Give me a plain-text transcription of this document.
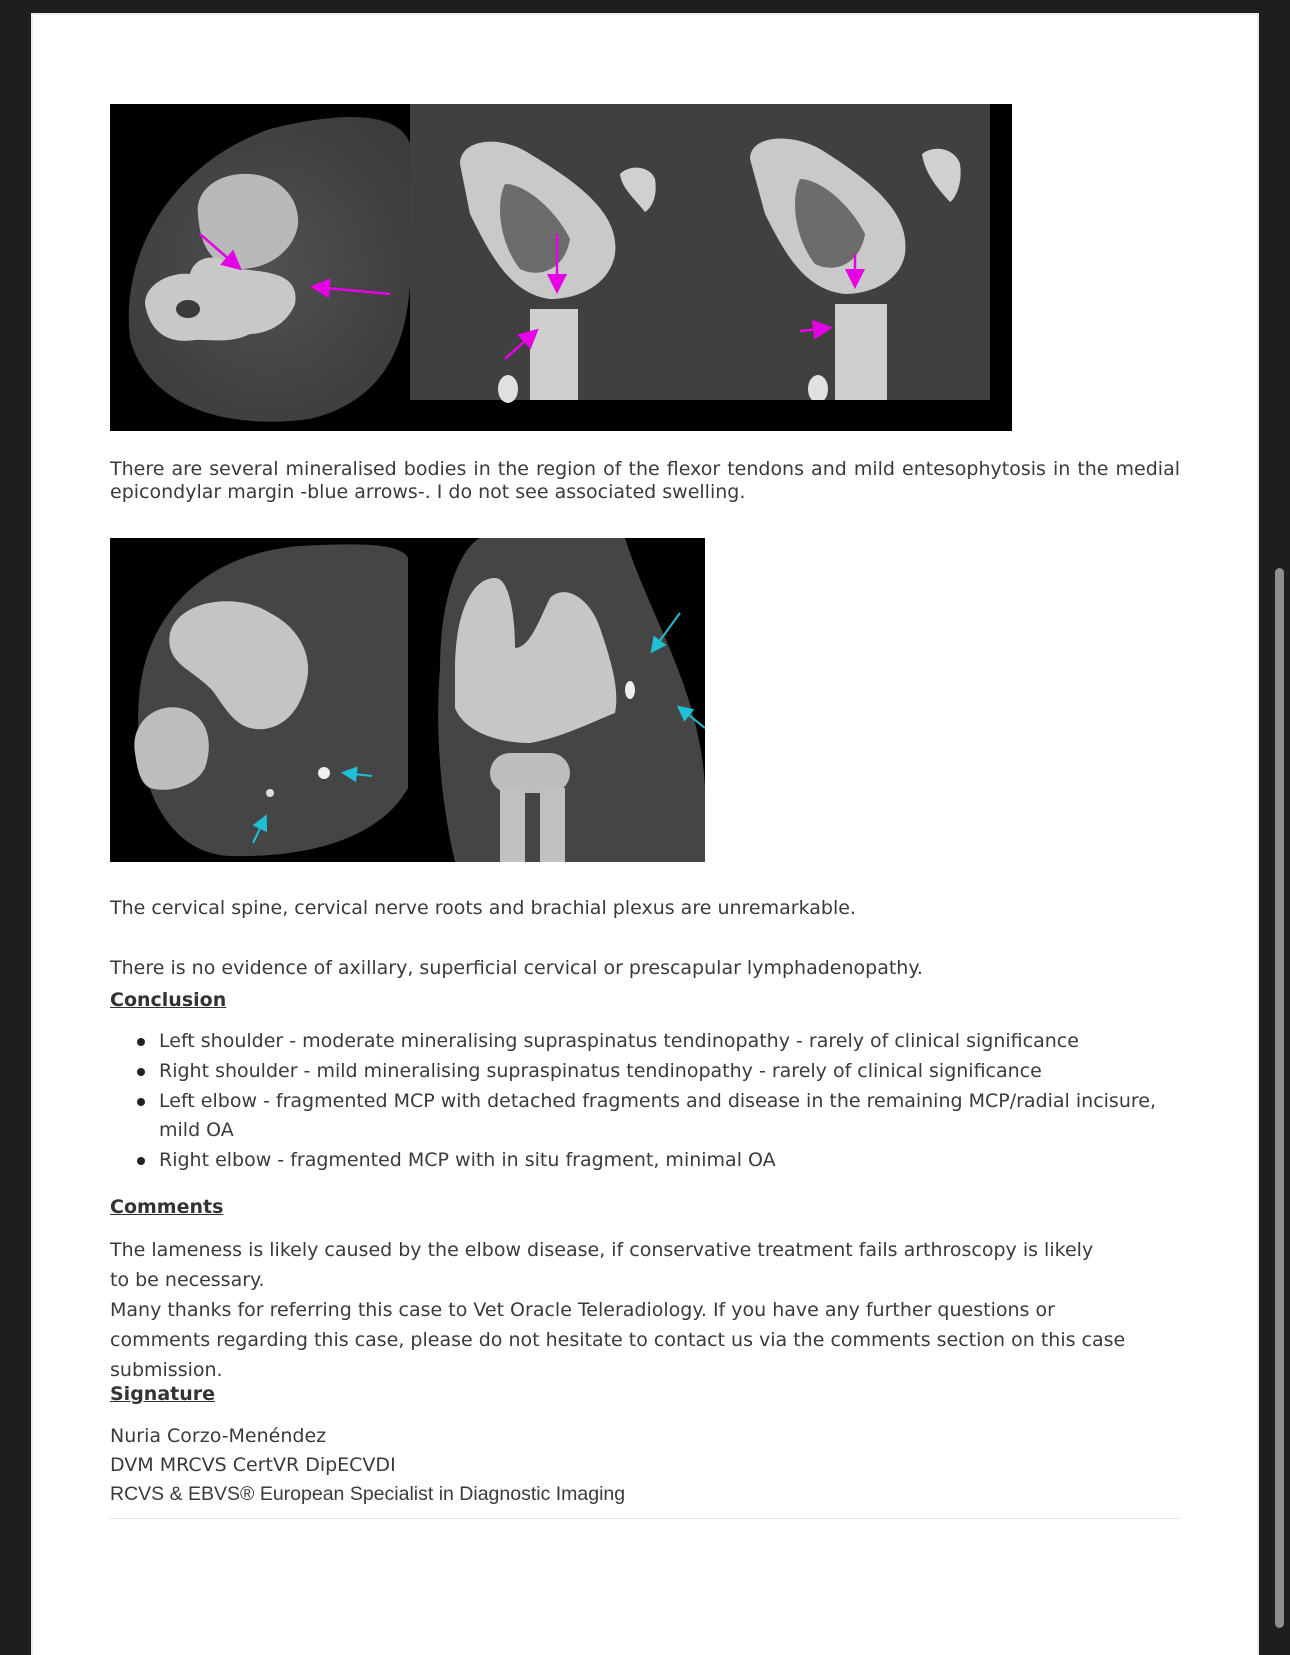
There are several mineralised bodies in the region of the flexor tendons and mild entesophytosis in the medial epicondylar margin -blue arrows-. I do not see associated swelling.

The cervical spine, cervical nerve roots and brachial plexus are unremarkable.

There is no evidence of axillary, superficial cervical or prescapular lymphadenopathy.

Conclusion
Left shoulder - moderate mineralising supraspinatus tendinopathy - rarely of clinical significance
Right shoulder - mild mineralising supraspinatus tendinopathy - rarely of clinical significance
Left elbow - fragmented MCP with detached fragments and disease in the remaining MCP/radial incisure, mild OA
Right elbow - fragmented MCP with in situ fragment, minimal OA
Comments
The lameness is likely caused by the elbow disease, if conservative treatment fails arthroscopy is likely to be necessary.
Many thanks for referring this case to Vet Oracle Teleradiology. If you have any further questions or comments regarding this case, please do not hesitate to contact us via the comments section on this case submission.
Signature
Nuria Corzo-Menéndez
DVM MRCVS CertVR DipECVDI
RCVS & EBVS® European Specialist in Diagnostic Imaging
